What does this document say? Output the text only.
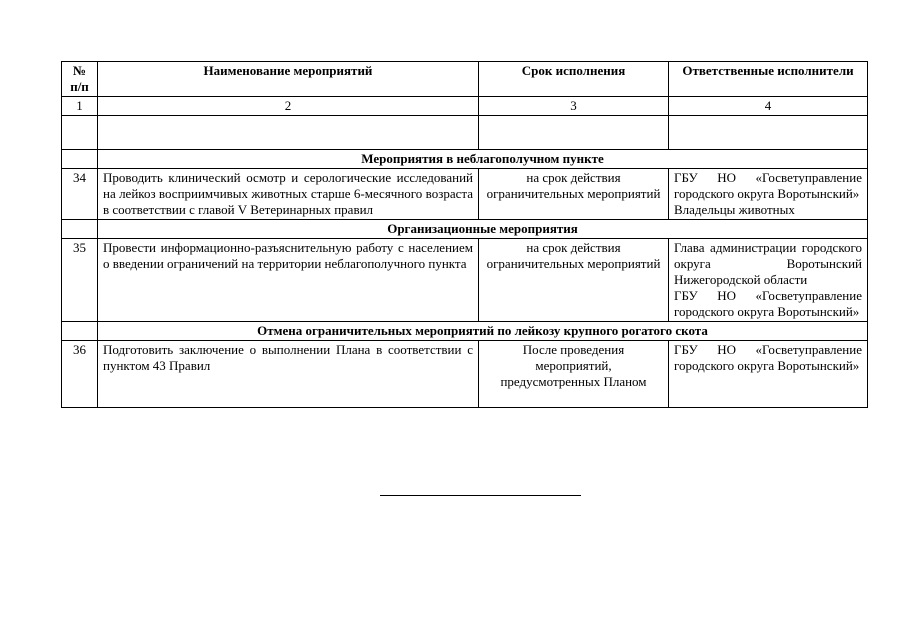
№ п/п	Наименование мероприятий	Срок исполнения	Ответственные исполнители
1	2	3	4

	Мероприятия в неблагополучном пункте		
34	Проводить клинический осмотр и серологические исследований на лейкоз восприимчивых животных старше 6-месячного возраста в соответствии с главой V Ветеринарных правил	на срок действия ограничительных мероприятий	ГБУ НО «Госветуправление городского округа Воротынский»
Владельцы животных

	Организационные мероприятия		
35	Провести информационно-разъяснительную работу с населением о введении ограничений на территории неблагополучного пункта	на срок действия ограничительных мероприятий	Глава администрации городского округа Воротынский Нижегородской области
ГБУ НО «Госветуправление городского округа Воротынский»

	Отмена ограничительных мероприятий по лейкозу крупного рогатого скота		
36	Подготовить заключение о выполнении Плана в соответствии с пунктом 43 Правил	После проведения мероприятий, предусмотренных Планом	ГБУ НО «Госветуправление городского округа Воротынский»
